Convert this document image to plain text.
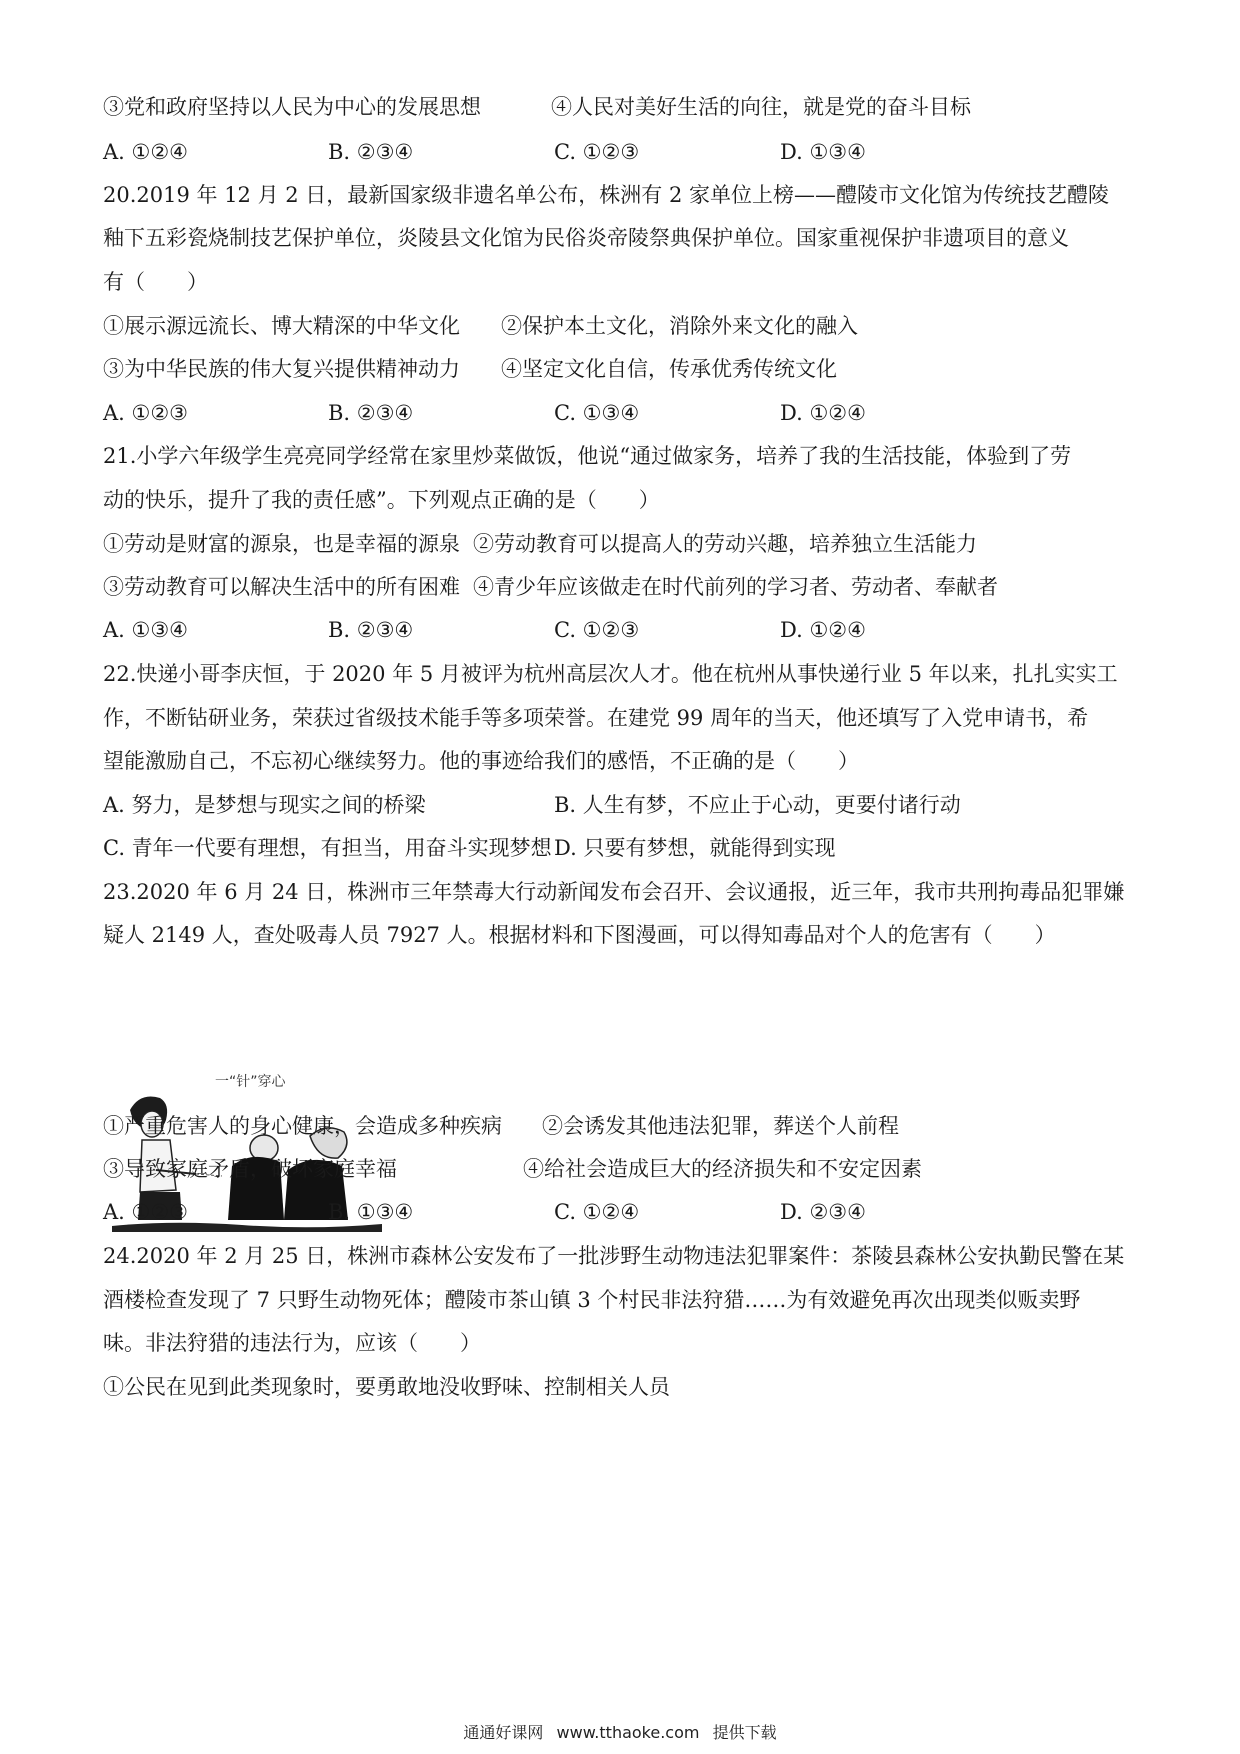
③党和政府坚持以人民为中心的发展思想	④人民对美好生活的向往，就是党的奋斗目标
A. ①②④	B. ②③④	C. ①②③	D. ①③④
20.2019 年 12 月 2 日，最新国家级非遗名单公布，株洲有 2 家单位上榜——醴陵市文化馆为传统技艺醴陵
釉下五彩瓷烧制技艺保护单位，炎陵县文化馆为民俗炎帝陵祭典保护单位。国家重视保护非遗项目的意义
有（　　）
①展示源远流长、博大精深的中华文化 ②保护本土文化，消除外来文化的融入
③为中华民族的伟大复兴提供精神动力 ④坚定文化自信，传承优秀传统文化
A. ①②③	B. ②③④	C. ①③④	D. ①②④
21.小学六年级学生亮亮同学经常在家里炒菜做饭，他说“通过做家务，培养了我的生活技能，体验到了劳
动的快乐，提升了我的责任感”。下列观点正确的是（　　）
①劳动是财富的源泉，也是幸福的源泉 ②劳动教育可以提高人的劳动兴趣，培养独立生活能力
③劳动教育可以解决生活中的所有困难 ④青少年应该做走在时代前列的学习者、劳动者、奉献者
A. ①③④	B. ②③④	C. ①②③	D. ①②④
22.快递小哥李庆恒，于 2020 年 5 月被评为杭州高层次人才。他在杭州从事快递行业 5 年以来，扎扎实实工
作，不断钻研业务，荣获过省级技术能手等多项荣誉。在建党 99 周年的当天，他还填写了入党申请书，希
望能激励自己，不忘初心继续努力。他的事迹给我们的感悟，不正确的是（　　）
A. 努力，是梦想与现实之间的桥梁	B. 人生有梦，不应止于心动，更要付诸行动
C. 青年一代要有理想，有担当，用奋斗实现梦想 D. 只要有梦想，就能得到实现
23.2020 年 6 月 24 日，株洲市三年禁毒大行动新闻发布会召开、会议通报，近三年，我市共刑拘毒品犯罪嫌
疑人 2149 人，查处吸毒人员 7927 人。根据材料和下图漫画，可以得知毒品对个人的危害有（　　）
一“针”穿心
①严重危害人的身心健康，会造成多种疾病 ②会诱发其他违法犯罪，葬送个人前程
③导致家庭矛盾，破坏家庭幸福	④给社会造成巨大的经济损失和不安定因素
A. ①②③	B. ①③④	C. ①②④	D. ②③④
24.2020 年 2 月 25 日，株洲市森林公安发布了一批涉野生动物违法犯罪案件：茶陵县森林公安执勤民警在某
酒楼检查发现了 7 只野生动物死体；醴陵市茶山镇 3 个村民非法狩猎……为有效避免再次出现类似贩卖野
味。非法狩猎的违法行为，应该（　　）
①公民在见到此类现象时，要勇敢地没收野味、控制相关人员
通通好课网 www.tthaoke.com 提供下载
